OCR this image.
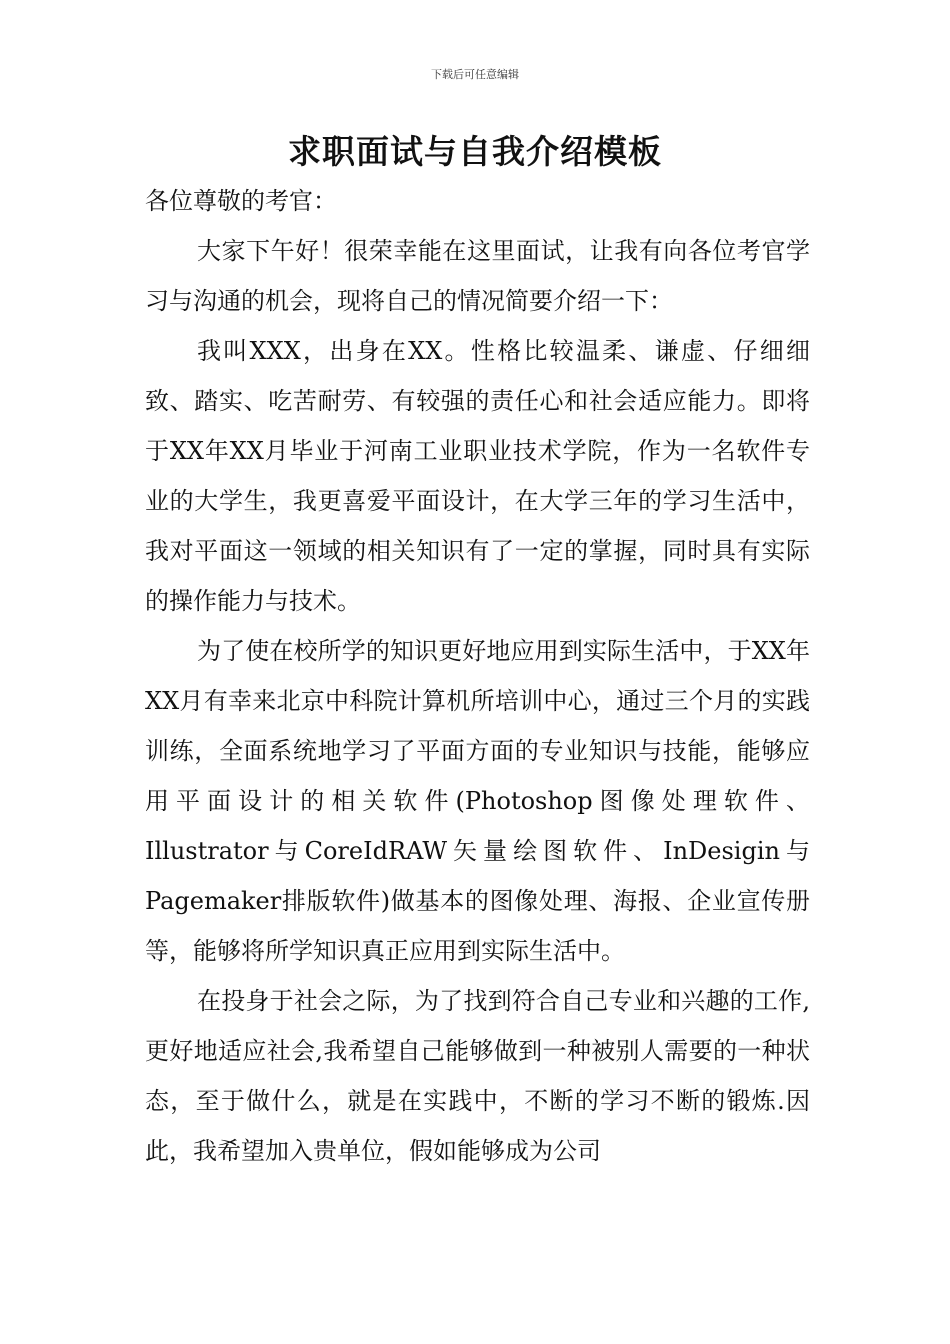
下载后可任意编辑
求职面试与自我介绍模板

各位尊敬的考官：

大家下午好！很荣幸能在这里面试，让我有向各位考官学习与沟通的机会，现将自己的情况简要介绍一下：

我叫XXX，出身在XX。性格比较温柔、谦虚、仔细细致、踏实、吃苦耐劳、有较强的责任心和社会适应能力。即将于XX年XX月毕业于河南工业职业技术学院，作为一名软件专业的大学生，我更喜爱平面设计，在大学三年的学习生活中，我对平面这一领域的相关知识有了一定的掌握，同时具有实际的操作能力与技术。

为了使在校所学的知识更好地应用到实际生活中，于XX年XX月有幸来北京中科院计算机所培训中心，通过三个月的实践训练，全面系统地学习了平面方面的专业知识与技能，能够应用平面设计的相关软件(Photoshop图像处理软件、Illustrator与CoreIdRAW矢量绘图软件、InDesigin与Pagemaker排版软件)做基本的图像处理、海报、企业宣传册等，能够将所学知识真正应用到实际生活中。

在投身于社会之际，为了找到符合自己专业和兴趣的工作,更好地适应社会,我希望自己能够做到一种被别人需要的一种状态，至于做什么，就是在实践中，不断的学习不断的锻炼.因此，我希望加入贵单位，假如能够成为公司
